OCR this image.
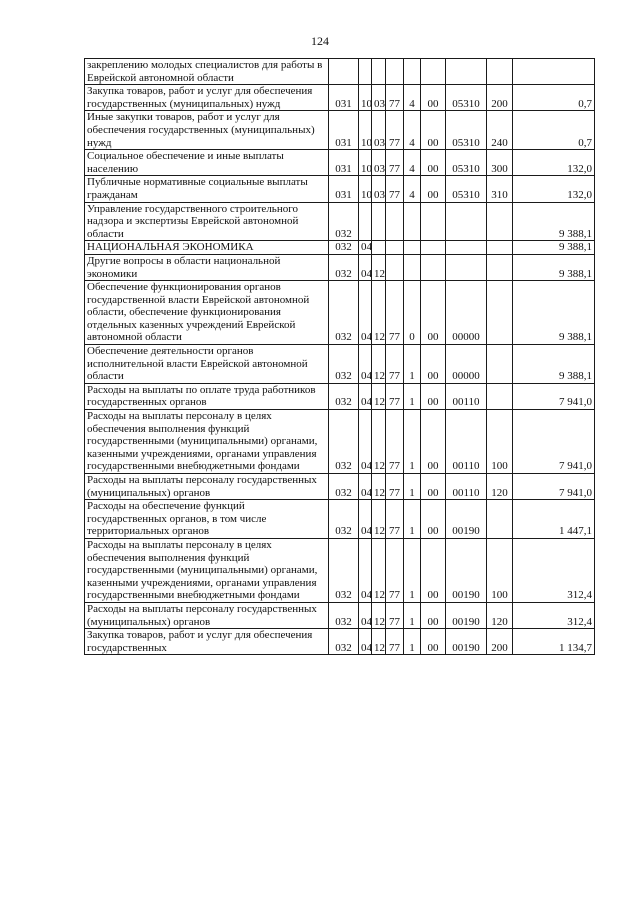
124
закреплению молодых специалистов для работы в Еврейской автономной области									
Закупка товаров, работ и услуг для обеспечения государственных (муниципальных) нужд	031	10	03	77	4	00	05310	200	0,7
Иные закупки товаров, работ и услуг для обеспечения государственных (муниципальных) нужд	031	10	03	77	4	00	05310	240	0,7
Социальное обеспечение и иные выплаты населению	031	10	03	77	4	00	05310	300	132,0
Публичные нормативные социальные выплаты гражданам	031	10	03	77	4	00	05310	310	132,0
Управление государственного строительного надзора и экспертизы Еврейской автономной области	032								9 388,1
НАЦИОНАЛЬНАЯ ЭКОНОМИКА	032	04							9 388,1
Другие вопросы в области национальной экономики	032	04	12						9 388,1
Обеспечение функционирования органов государственной власти Еврейской автономной области, обеспечение функционирования отдельных казенных учреждений Еврейской автономной области	032	04	12	77	0	00	00000		9 388,1
Обеспечение деятельности органов исполнительной власти Еврейской автономной области	032	04	12	77	1	00	00000		9 388,1
Расходы на выплаты по оплате труда работников государственных органов	032	04	12	77	1	00	00110		7 941,0
Расходы на выплаты персоналу в целях обеспечения выполнения функций государственными (муниципальными) органами, казенными учреждениями, органами управления государственными внебюджетными фондами	032	04	12	77	1	00	00110	100	7 941,0
Расходы на выплаты персоналу государственных (муниципальных) органов	032	04	12	77	1	00	00110	120	7 941,0
Расходы на обеспечение функций государственных органов, в том числе территориальных органов	032	04	12	77	1	00	00190		1 447,1
Расходы на выплаты персоналу в целях обеспечения выполнения функций государственными (муниципальными) органами, казенными учреждениями, органами управления государственными внебюджетными фондами	032	04	12	77	1	00	00190	100	312,4
Расходы на выплаты персоналу государственных (муниципальных) органов	032	04	12	77	1	00	00190	120	312,4
Закупка товаров, работ и услуг для обеспечения государственных	032	04	12	77	1	00	00190	200	1 134,7
